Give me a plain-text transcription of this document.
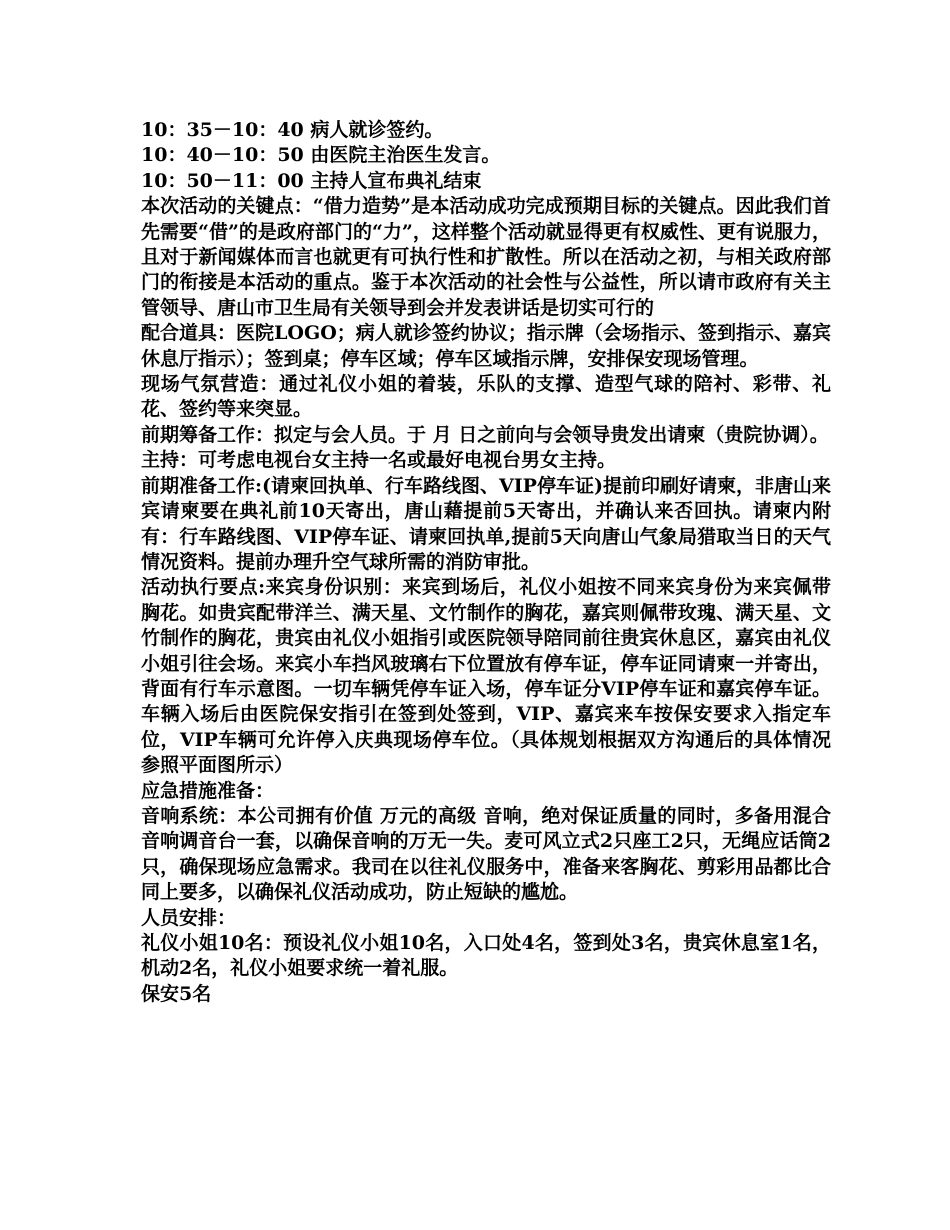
10：35－10：40 病人就诊签约。

10：40－10：50 由医院主治医生发言。

10：50－11：00 主持人宣布典礼结束

本次活动的关键点：“借力造势”是本活动成功完成预期目标的关键点。因此我们首先需要“借”的是政府部门的“力”，这样整个活动就显得更有权威性、更有说服力，且对于新闻媒体而言也就更有可执行性和扩散性。所以在活动之初，与相关政府部门的衔接是本活动的重点。鉴于本次活动的社会性与公益性，所以请市政府有关主管领导、唐山市卫生局有关领导到会并发表讲话是切实可行的

配合道具：医院LOGO；病人就诊签约协议；指示牌（会场指示、签到指示、嘉宾休息厅指示）；签到桌；停车区域；停车区域指示牌，安排保安现场管理。

现场气氛营造：通过礼仪小姐的着装，乐队的支撑、造型气球的陪衬、彩带、礼花、签约等来突显。

前期筹备工作：拟定与会人员。于 月 日之前向与会领导贵发出请柬（贵院协调）。

主持：可考虑电视台女主持一名或最好电视台男女主持。

前期准备工作:(请柬回执单、行车路线图、VIP停车证)提前印刷好请柬，非唐山来宾请柬要在典礼前10天寄出，唐山藉提前5天寄出，并确认来否回执。请柬内附有：行车路线图、VIP停车证、请柬回执单,提前5天向唐山气象局猎取当日的天气情况资料。提前办理升空气球所需的消防审批。

活动执行要点:来宾身份识别：来宾到场后，礼仪小姐按不同来宾身份为来宾佩带胸花。如贵宾配带洋兰、满天星、文竹制作的胸花，嘉宾则佩带玫瑰、满天星、文竹制作的胸花，贵宾由礼仪小姐指引或医院领导陪同前往贵宾休息区，嘉宾由礼仪小姐引往会场。来宾小车挡风玻璃右下位置放有停车证，停车证同请柬一并寄出，背面有行车示意图。一切车辆凭停车证入场，停车证分VIP停车证和嘉宾停车证。车辆入场后由医院保安指引在签到处签到，VIP、嘉宾来车按保安要求入指定车位，VIP车辆可允许停入庆典现场停车位。（具体规划根据双方沟通后的具体情况参照平面图所示）

应急措施准备：

音响系统：本公司拥有价值 万元的高级 音响，绝对保证质量的同时，多备用混合音响调音台一套，以确保音响的万无一失。麦可风立式2只座工2只，无绳应话筒2只，确保现场应急需求。我司在以往礼仪服务中，准备来客胸花、剪彩用品都比合同上要多，以确保礼仪活动成功，防止短缺的尴尬。

人员安排：

礼仪小姐10名：预设礼仪小姐10名，入口处4名，签到处3名，贵宾休息室1名，机动2名，礼仪小姐要求统一着礼服。

保安5名
